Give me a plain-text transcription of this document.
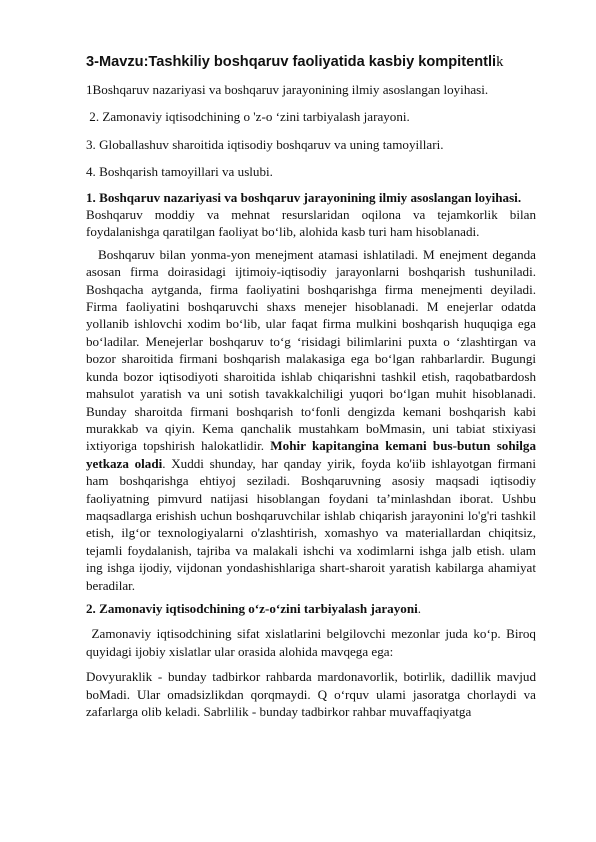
3-Mavzu:Tashkiliy boshqaruv faoliyatida kasbiy kompitentlik
1Boshqaruv nazariyasi va boshqaruv jarayonining ilmiy asoslangan loyihasi.
2. Zamonaviy iqtisodchining o 'z-o ‘zini tarbiyalash jarayoni.
3. Globallashuv sharoitida iqtisodiy boshqaruv va uning tamoyillari.
4. Boshqarish tamoyillari va uslubi.
1. Boshqaruv nazariyasi va boshqaruv jarayonining ilmiy asoslangan loyihasi.

Boshqaruv moddiy va mehnat resurslaridan oqilona va tejamkorlik bilan foydalanishga qaratilgan faoliyat bo‘lib, alohida kasb turi ham hisoblanadi.

Boshqaruv bilan yonma-yon menejment atamasi ishlatiladi. M enejment deganda asosan firma doirasidagi ijtimoiy-iqtisodiy jarayonlarni boshqarish tushuniladi. Boshqacha aytganda, firma faoliyatini boshqarishga firma menejmenti deyiladi. Firma faoliyatini boshqaruvchi shaxs menejer hisoblanadi. M enejerlar odatda yollanib ishlovchi xodim bo‘lib, ular faqat firma mulkini boshqarish huquqiga ega bo‘ladilar. Menejerlar boshqaruv to‘g ‘risidagi bilimlarini puxta o ‘zlashtirgan va bozor sharoitida firmani boshqarish malakasiga ega bo‘lgan rahbarlardir. Bugungi kunda bozor iqtisodiyoti sharoitida ishlab chiqarishni tashkil etish, raqobatbardosh mahsulot yaratish va uni sotish tavakkalchiligi yuqori bo‘lgan muhit hisoblanadi. Bunday sharoitda firmani boshqarish to‘fonli dengizda kemani boshqarish kabi murakkab va qiyin. Kema qanchalik mustahkam boMmasin, uni tabiat stixiyasi ixtiyoriga topshirish halokatlidir. Mohir kapitangina kemani bus-butun sohilga yetkaza oladi. Xuddi shunday, har qanday yirik, foyda ko'iib ishlayotgan firmani ham boshqarishga ehtiyoj seziladi. Boshqaruvning asosiy maqsadi iqtisodiy faoliyatning pimvurd natijasi hisoblangan foydani ta’minlashdan iborat. Ushbu maqsadlarga erishish uchun boshqaruvchilar ishlab chiqarish jarayonini lo'g'ri tashkil etish, ilg‘or texnologiyalarni o'zlashtirish, xomashyo va materiallardan chiqitsiz, tejamli foydalanish, tajriba va malakali ishchi va xodimlarni ishga jalb etish. ulam ing ishga ijodiy, vijdonan yondashishlariga shart-sharoit yaratish kabilarga ahamiyat beradilar.

2. Zamonaviy iqtisodchining o‘z-o‘zini tarbiyalash jarayoni.

Zamonaviy iqtisodchining sifat xislatlarini belgilovchi mezonlar juda ko‘p. Biroq quyidagi ijobiy xislatlar ular orasida alohida mavqega ega:

Dovyuraklik - bunday tadbirkor rahbarda mardonavorlik, botirlik, dadillik mavjud boMadi. Ular omadsizlikdan qorqmaydi. Q o‘rquv ulami jasoratga chorlaydi va zafarlarga olib keladi. Sabrlilik - bunday tadbirkor rahbar muvaffaqiyatga
